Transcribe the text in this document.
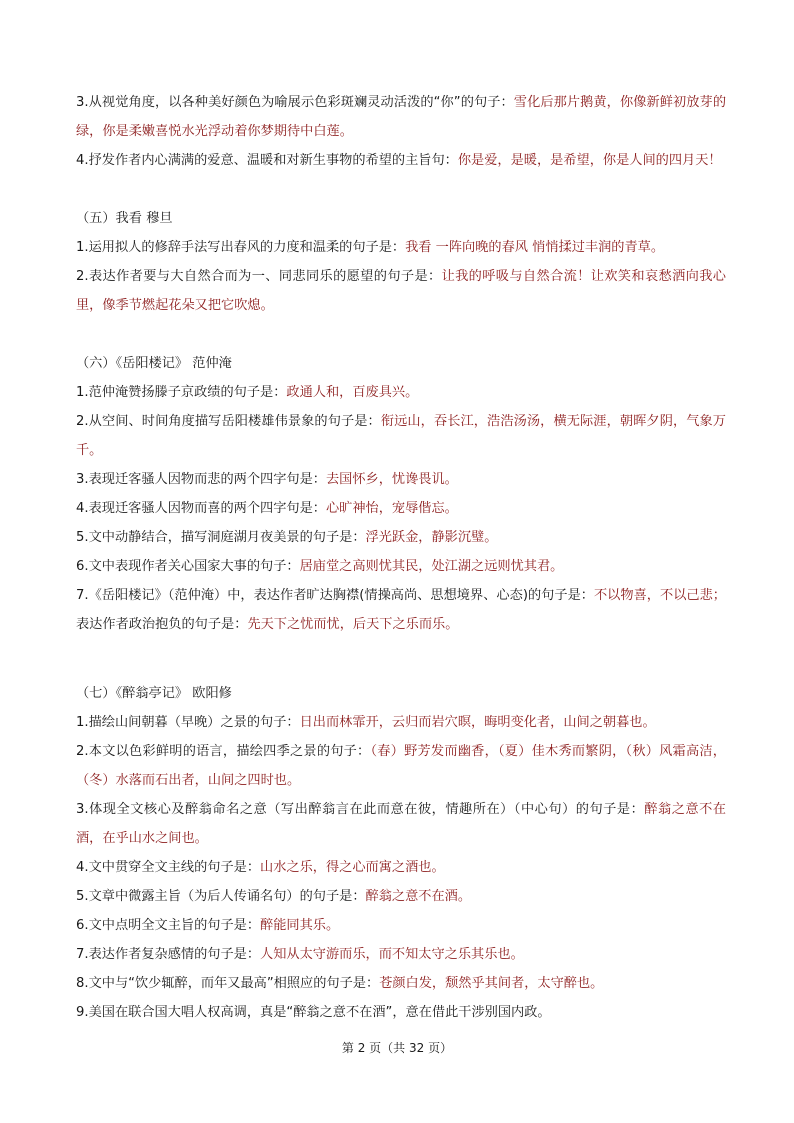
3.从视觉角度，以各种美好颜色为喻展示色彩斑斓灵动活泼的“你”的句子：雪化后那片鹅黄，你像新鲜初放芽的绿，你是柔嫩喜悦水光浮动着你梦期待中白莲。

4.抒发作者内心满满的爱意、温暖和对新生事物的希望的主旨句：你是爱，是暖，是希望，你是人间的四月天！

（五）我看 穆旦

1.运用拟人的修辞手法写出春风的力度和温柔的句子是：我看 一阵向晚的春风 悄悄揉过丰润的青草。

2.表达作者要与大自然合而为一、同悲同乐的愿望的句子是：让我的呼吸与自然合流！让欢笑和哀愁洒向我心里，像季节燃起花朵又把它吹熄。

（六）《岳阳楼记》 范仲淹

1.范仲淹赞扬滕子京政绩的句子是：政通人和，百废具兴。

2.从空间、时间角度描写岳阳楼雄伟景象的句子是：衔远山，吞长江，浩浩汤汤，横无际涯，朝晖夕阴，气象万千。

3.表现迁客骚人因物而悲的两个四字句是：去国怀乡，忧谗畏讥。

4.表现迁客骚人因物而喜的两个四字句是：心旷神怡，宠辱偕忘。

5.文中动静结合，描写洞庭湖月夜美景的句子是：浮光跃金，静影沉璧。

6.文中表现作者关心国家大事的句子：居庙堂之高则忧其民，处江湖之远则忧其君。

7.《岳阳楼记》（范仲淹）中，表达作者旷达胸襟(情操高尚、思想境界、心态)的句子是：不以物喜，不以己悲；表达作者政治抱负的句子是：先天下之忧而忧，后天下之乐而乐。

（七）《醉翁亭记》 欧阳修

1.描绘山间朝暮（早晚）之景的句子：日出而林霏开，云归而岩穴暝，晦明变化者，山间之朝暮也。

2.本文以色彩鲜明的语言，描绘四季之景的句子：（春）野芳发而幽香，（夏）佳木秀而繁阴，（秋）风霜高洁，（冬）水落而石出者，山间之四时也。

3.体现全文核心及醉翁命名之意（写出醉翁言在此而意在彼，情趣所在）（中心句）的句子是：醉翁之意不在酒，在乎山水之间也。

4.文中贯穿全文主线的句子是：山水之乐，得之心而寓之酒也。

5.文章中微露主旨（为后人传诵名句）的句子是：醉翁之意不在酒。

6.文中点明全文主旨的句子是：醉能同其乐。

7.表达作者复杂感情的句子是：人知从太守游而乐，而不知太守之乐其乐也。

8.文中与“饮少辄醉，而年又最高”相照应的句子是：苍颜白发，颓然乎其间者，太守醉也。

9.美国在联合国大唱人权高调，真是“醉翁之意不在酒”，意在借此干涉别国内政。

第 2 页（共 32 页）
